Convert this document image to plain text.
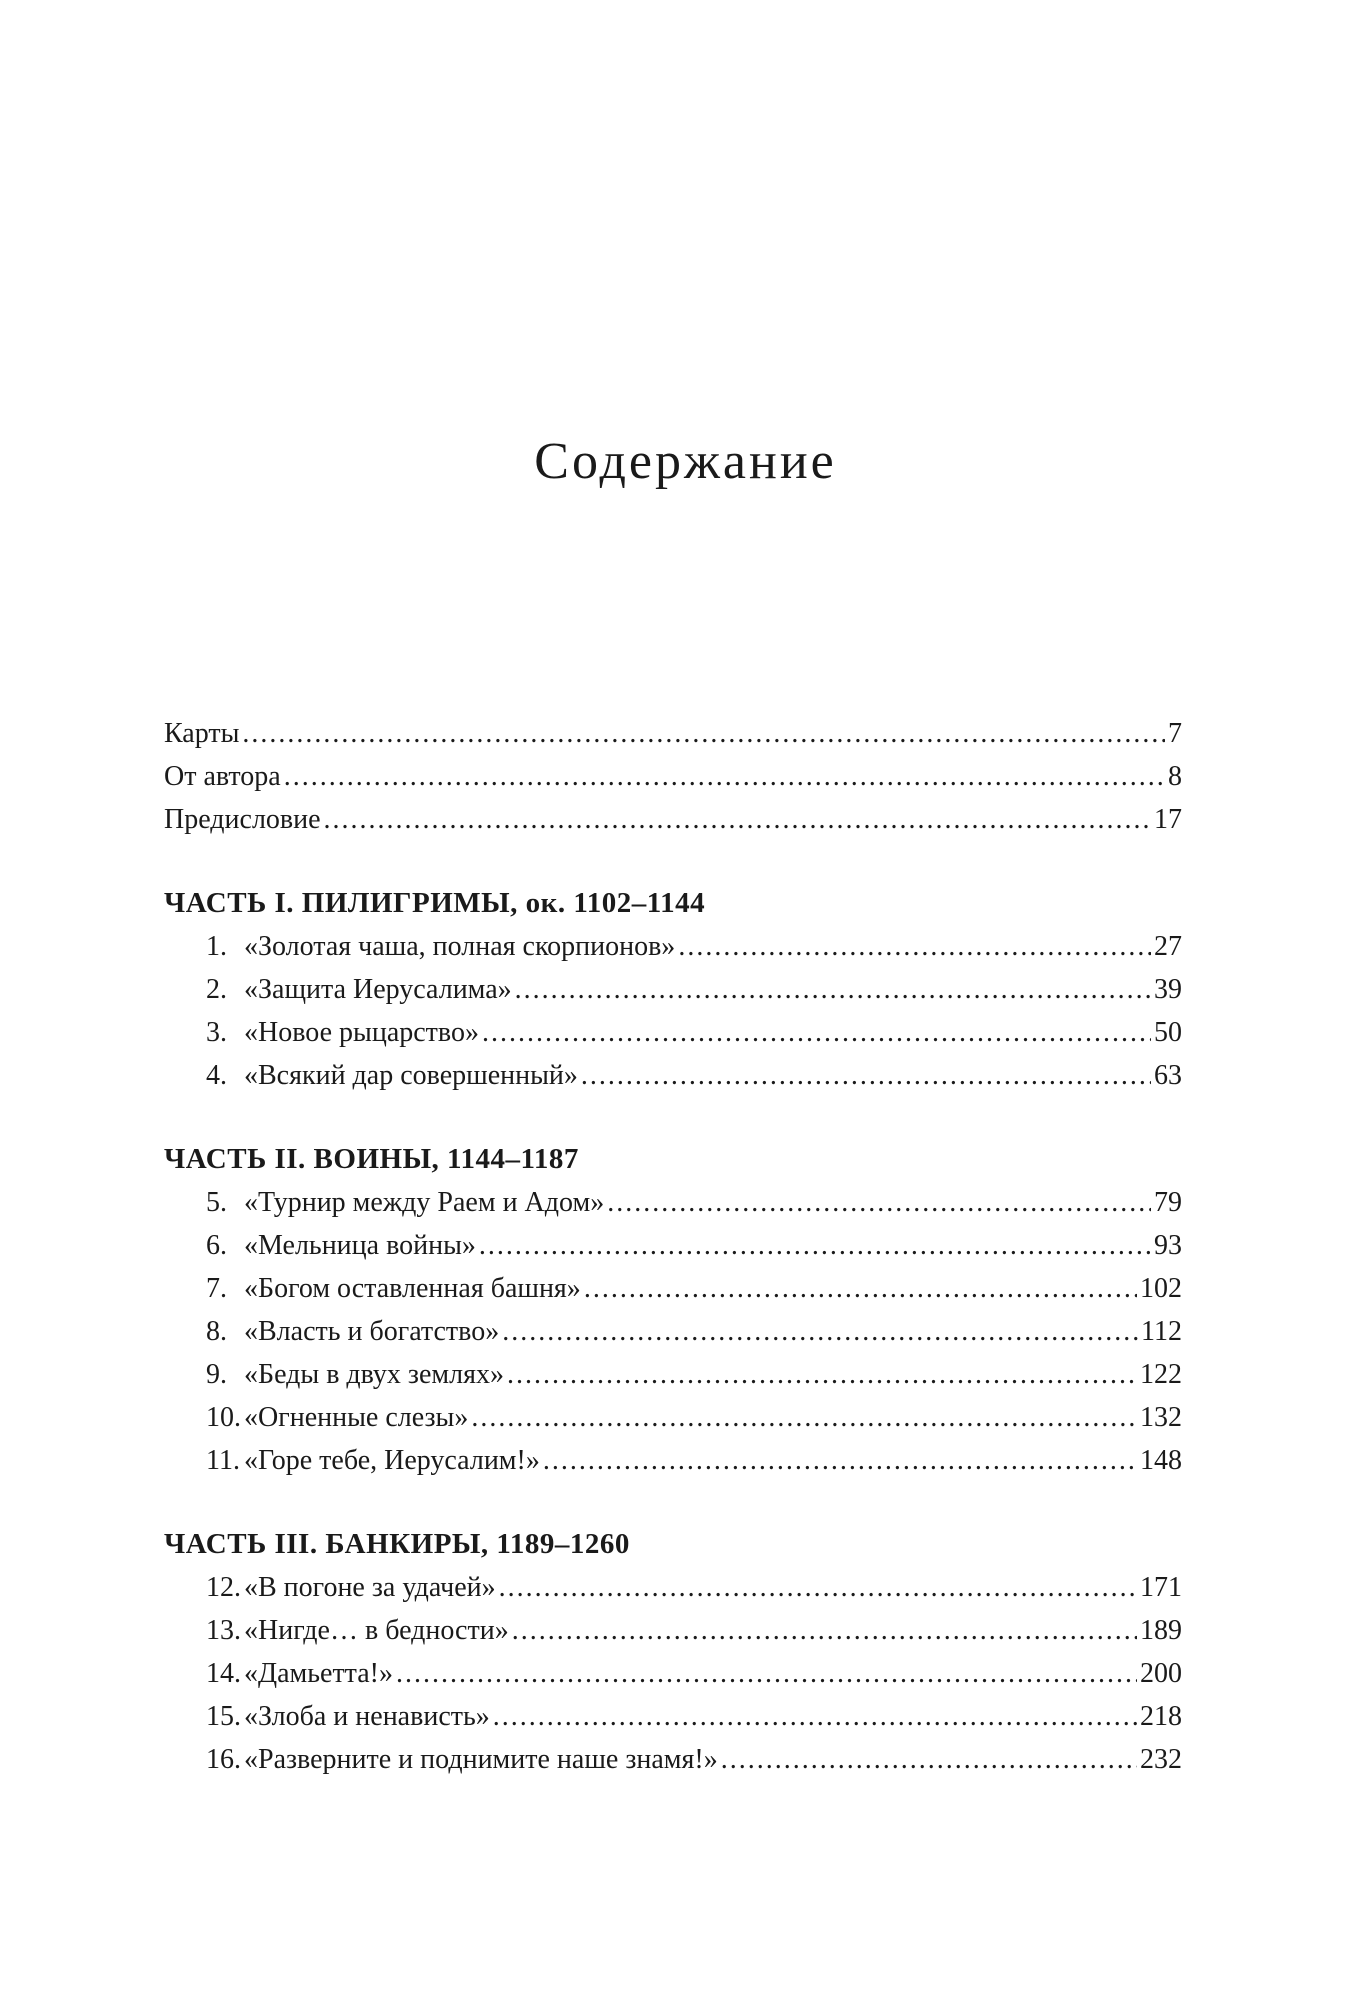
Содержание
Карты .....	7
От автора .....	8
Предисловие .....	17
ЧАСТЬ I. ПИЛИГРИМЫ, ок. 1102–1144
1. «Золотая чаша, полная скорпионов» .....	27
2. «Защита Иерусалима» .....	39
3. «Новое рыцарство» .....	50
4. «Всякий дар совершенный» .....	63
ЧАСТЬ II. ВОИНЫ, 1144–1187
5. «Турнир между Раем и Адом» .....	79
6. «Мельница войны» .....	93
7. «Богом оставленная башня» .....	102
8. «Власть и богатство» .....	112
9. «Беды в двух землях» .....	122
10. «Огненные слезы» .....	132
11. «Горе тебе, Иерусалим!» .....	148
ЧАСТЬ III. БАНКИРЫ, 1189–1260
12. «В погоне за удачей» .....	171
13. «Нигде… в бедности» .....	189
14. «Дамьетта!» .....	200
15. «Злоба и ненависть» .....	218
16. «Разверните и поднимите наше знамя!» .....	232
